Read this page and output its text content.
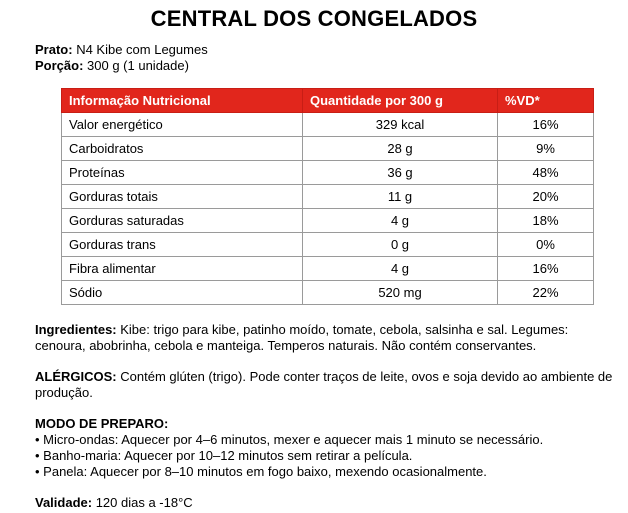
CENTRAL DOS CONGELADOS
Prato: N4 Kibe com Legumes
Porção: 300 g (1 unidade)
Informação Nutricional	Quantidade por 300 g	%VD*
Valor energético	329 kcal	16%
Carboidratos	28 g	9%
Proteínas	36 g	48%
Gorduras totais	11 g	20%
Gorduras saturadas	4 g	18%
Gorduras trans	0 g	0%
Fibra alimentar	4 g	16%
Sódio	520 mg	22%
Ingredientes: Kibe: trigo para kibe, patinho moído, tomate, cebola, salsinha e sal. Legumes: cenoura, abobrinha, cebola e manteiga. Temperos naturais. Não contém conservantes.
ALÉRGICOS: Contém glúten (trigo). Pode conter traços de leite, ovos e soja devido ao ambiente de produção.
MODO DE PREPARO:
• Micro-ondas: Aquecer por 4–6 minutos, mexer e aquecer mais 1 minuto se necessário.
• Banho-maria: Aquecer por 10–12 minutos sem retirar a película.
• Panela: Aquecer por 8–10 minutos em fogo baixo, mexendo ocasionalmente.
Validade: 120 dias a -18°C
